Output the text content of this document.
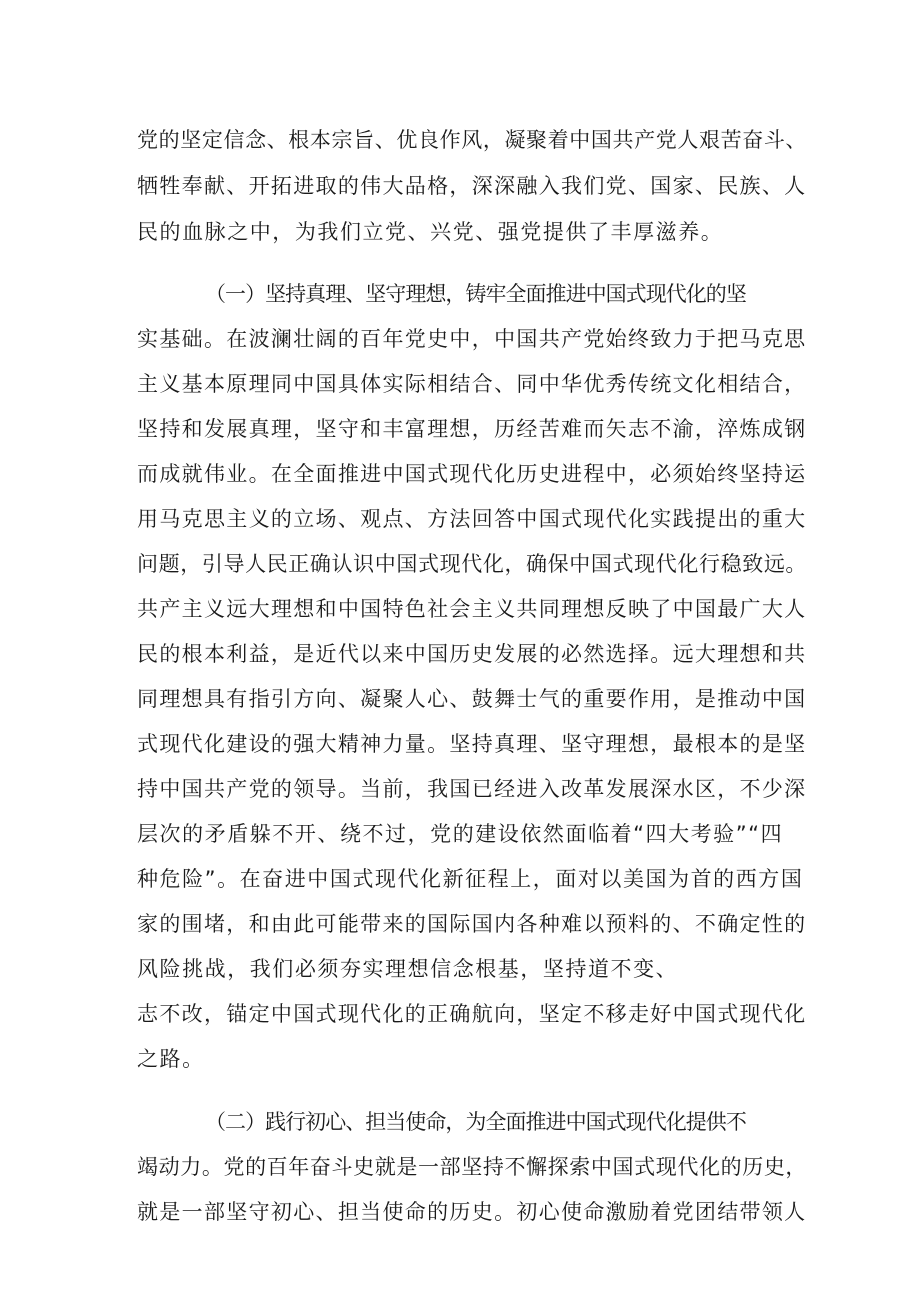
党的坚定信念、根本宗旨、优良作风，凝聚着中国共产党人艰苦奋斗、
牺牲奉献、开拓进取的伟大品格，深深融入我们党、国家、民族、人
民的血脉之中，为我们立党、兴党、强党提供了丰厚滋养。
（一）坚持真理、坚守理想，铸牢全面推进中国式现代化的坚
实基础。在波澜壮阔的百年党史中，中国共产党始终致力于把马克思
主义基本原理同中国具体实际相结合、同中华优秀传统文化相结合，
坚持和发展真理，坚守和丰富理想，历经苦难而矢志不渝，淬炼成钢
而成就伟业。在全面推进中国式现代化历史进程中，必须始终坚持运
用马克思主义的立场、观点、方法回答中国式现代化实践提出的重大
问题，引导人民正确认识中国式现代化，确保中国式现代化行稳致远。
共产主义远大理想和中国特色社会主义共同理想反映了中国最广大人
民的根本利益，是近代以来中国历史发展的必然选择。远大理想和共
同理想具有指引方向、凝聚人心、鼓舞士气的重要作用，是推动中国
式现代化建设的强大精神力量。坚持真理、坚守理想，最根本的是坚
持中国共产党的领导。当前，我国已经进入改革发展深水区，不少深
层次的矛盾躲不开、绕不过，党的建设依然面临着“四大考验”“四
种危险”。在奋进中国式现代化新征程上，面对以美国为首的西方国
家的围堵，和由此可能带来的国际国内各种难以预料的、不确定性的
风险挑战，我们必须夯实理想信念根基，坚持道不变、
志不改，锚定中国式现代化的正确航向，坚定不移走好中国式现代化
之路。
（二）践行初心、担当使命，为全面推进中国式现代化提供不
竭动力。党的百年奋斗史就是一部坚持不懈探索中国式现代化的历史，
就是一部坚守初心、担当使命的历史。初心使命激励着党团结带领人
